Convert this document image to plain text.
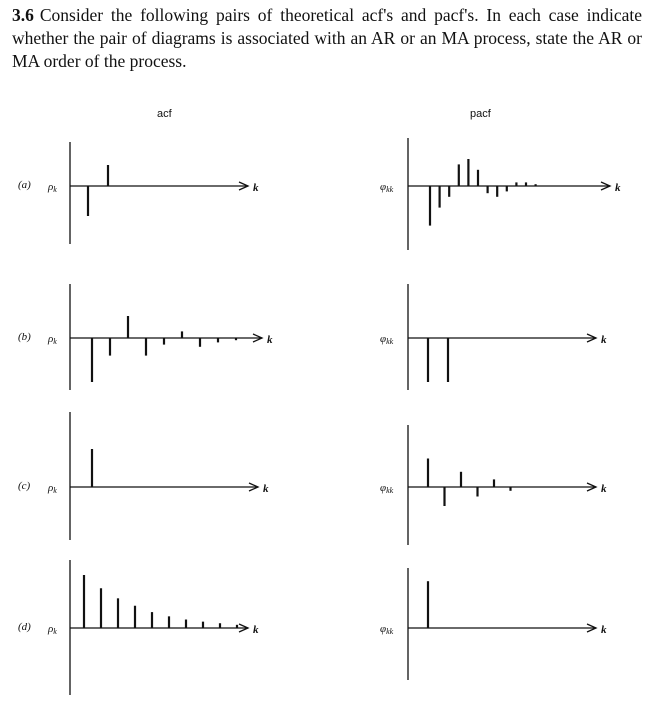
3.6 Consider the following pairs of theoretical acf's and pacf's. In each case indicate whether the pair of diagrams is associated with an AR or an MA process, state the AR or MA order of the process.
acf	pacf
(a)
(b)
(c)
(d)
ρk	k	φkk	k
ρk	k	φkk	k
ρk	k	φkk	k
ρk	k	φkk	k
